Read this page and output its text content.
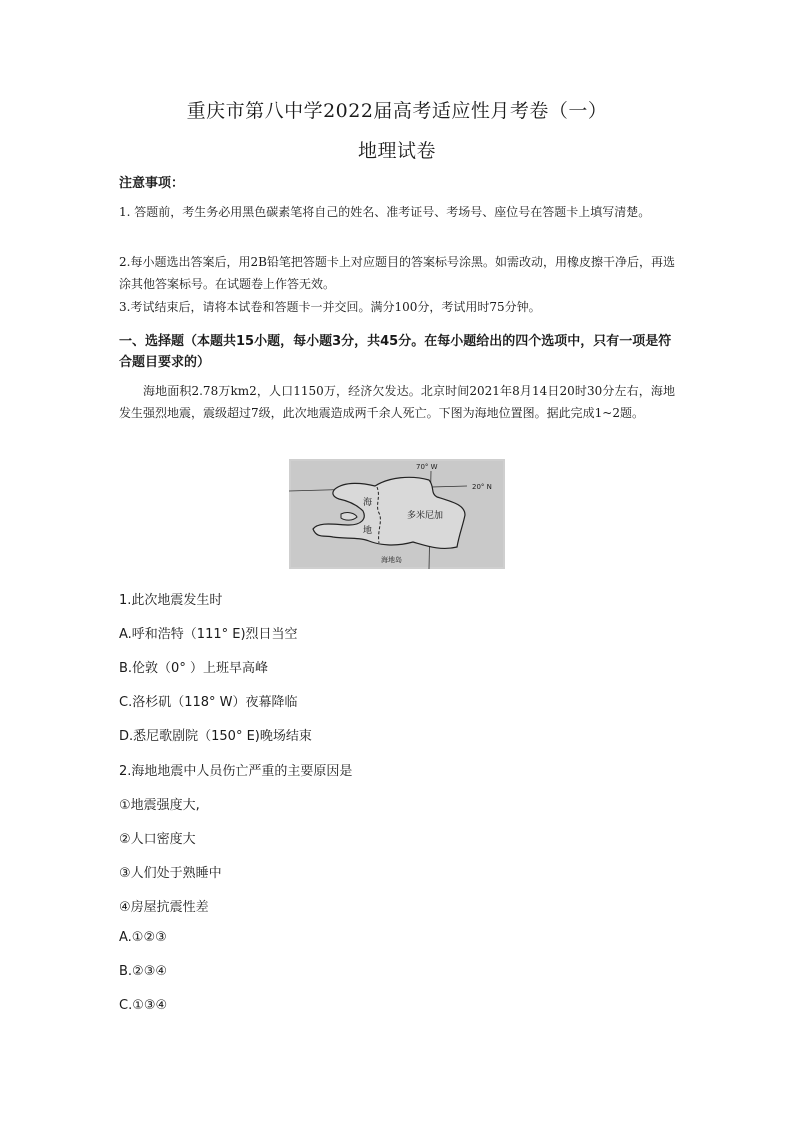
重庆市第八中学2022届高考适应性月考卷（一）
地理试卷
注意事项：
1. 答题前，考生务必用黑色碳素笔将自己的姓名、准考证号、考场号、座位号在答题卡上填写清楚。
2.每小题选出答案后，用2B铅笔把答题卡上对应题目的答案标号涂黑。如需改动，用橡皮擦干净后，再选涂其他答案标号。在试题卷上作答无效。
3.考试结束后，请将本试卷和答题卡一并交回。满分100分，考试用时75分钟。
一、选择题（本题共15小题，每小题3分，共45分。在每小题给出的四个选项中，只有一项是符合题目要求的）
海地面积2.78万km2，人口1150万，经济欠发达。北京时间2021年8月14日20时30分左右，海地发生强烈地震，震级超过7级，此次地震造成两千余人死亡。下图为海地位置图。据此完成1~2题。
70° W
20° N
海
地
多米尼加
海地岛
1.此次地震发生时
A.呼和浩特（111° E)烈日当空
B.伦敦（0° ）上班早高峰
C.洛杉矶（118° W）夜幕降临
D.悉尼歌剧院（150° E)晚场结束
2.海地地震中人员伤亡严重的主要原因是
①地震强度大,
②人口密度大
③人们处于熟睡中
④房屋抗震性差
A.①②③
B.②③④
C.①③④
